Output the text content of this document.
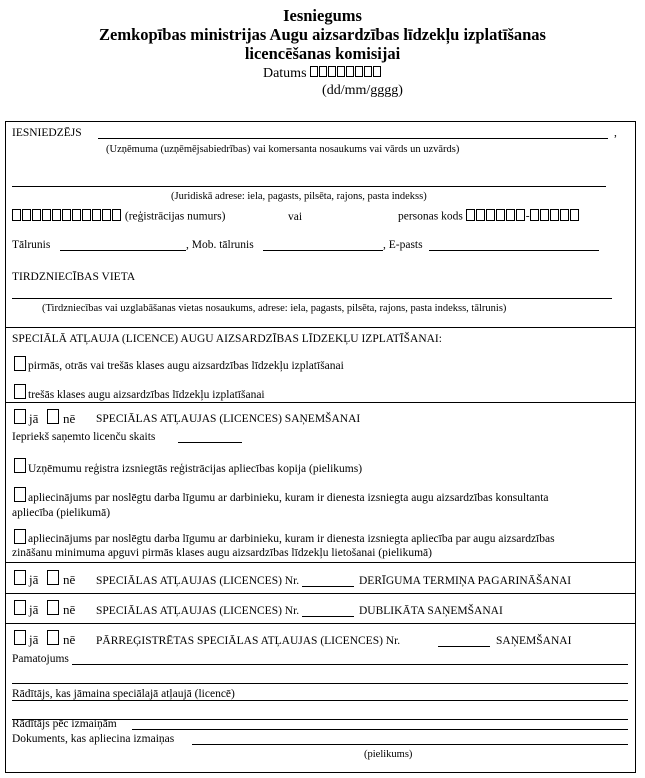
Iesniegums
Zemkopības ministrijas Augu aizsardzības līdzekļu izplatīšanas
licencēšanas komisijai
Datums
(dd/mm/gggg)
IESNIEDZĒJS	,
(Uzņēmuma (uzņēmējsabiedrības) vai komersanta nosaukums vai vārds un uzvārds)
(Juridiskā adrese: iela, pagasts, pilsēta, rajons, pasta indekss)
(reģistrācijas numurs)	vai	personas kods	-
Tālrunis	, Mob. tālrunis	, E-pasts
TIRDZNIECĪBAS VIETA
(Tirdzniecības vai uzglabāšanas vietas nosaukums, adrese: iela, pagasts, pilsēta, rajons, pasta indekss, tālrunis)
SPECIĀLĀ ATĻAUJA (LICENCE) AUGU AIZSARDZĪBAS LĪDZEKĻU IZPLATĪŠANAI:
pirmās, otrās vai trešās klases augu aizsardzības līdzekļu izplatīšanai
trešās klases augu aizsardzības līdzekļu izplatīšanai
jā nē SPECIĀLAS ATĻAUJAS (LICENCES) SAŅEMŠANAI
Iepriekš saņemto licenču skaits
Uzņēmumu reģistra izsniegtās reģistrācijas apliecības kopija (pielikums)
apliecinājums par noslēgtu darba līgumu ar darbinieku, kuram ir dienesta izsniegta augu aizsardzības konsultanta
apliecība (pielikumā)
apliecinājums par noslēgtu darba līgumu ar darbinieku, kuram ir dienesta izsniegta apliecība par augu aizsardzības
zināšanu minimuma apguvi pirmās klases augu aizsardzības līdzekļu lietošanai (pielikumā)
jā nē SPECIĀLAS ATĻAUJAS (LICENCES) Nr.	DERĪGUMA TERMIŅA PAGARINĀŠANAI
jā nē SPECIĀLAS ATĻAUJAS (LICENCES) Nr.	DUBLIKĀTA SAŅEMŠANAI
jā nē PĀRREĢISTRĒTAS SPECIĀLAS ATĻAUJAS (LICENCES) Nr.	SAŅEMŠANAI
Pamatojums
Rādītājs, kas jāmaina speciālajā atļaujā (licencē)
Rādītājs pēc izmaiņām
Dokuments, kas apliecina izmaiņas
(pielikums)
